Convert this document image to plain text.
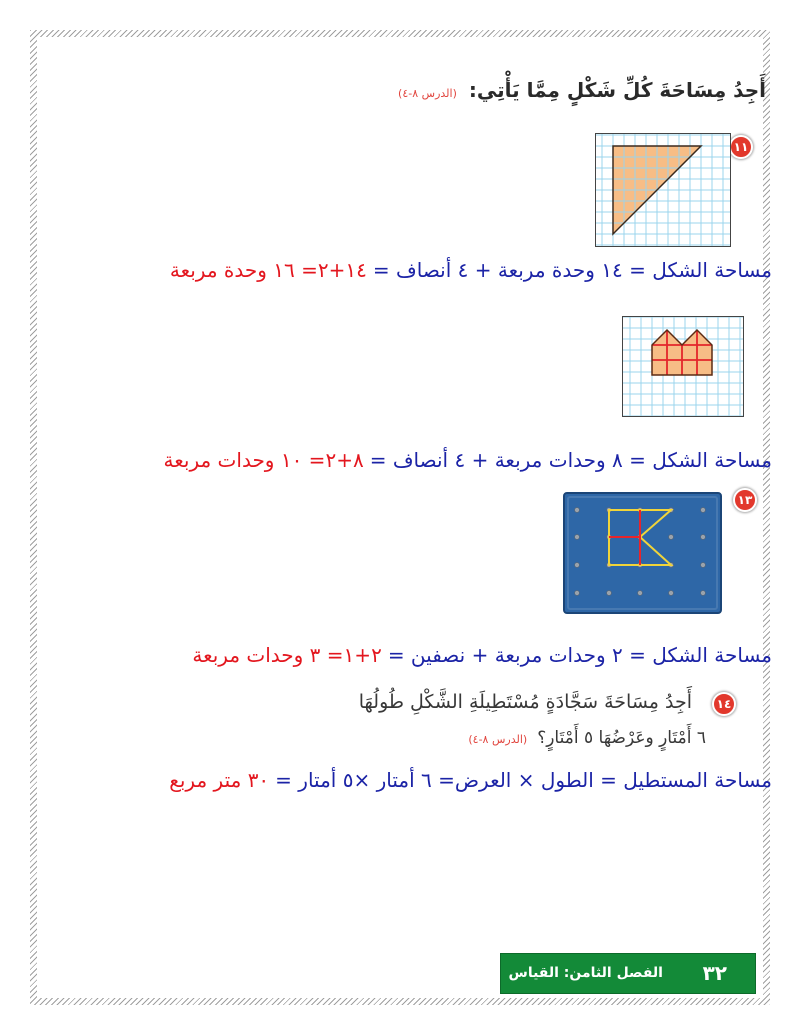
أَجِدُ مِسَاحَةَ كُلِّ شَكْلٍ مِمَّا يَأْتِي:
(الدرس ٨-٤)
١١
مساحة الشكل = ١٤ وحدة مربعة + ٤ أنصاف =
١٤+٢= ١٦ وحدة مربعة
مساحة الشكل = ٨ وحدات مربعة + ٤ أنصاف =
٨+٢= ١٠ وحدات مربعة
١٣
مساحة الشكل = ٢ وحدات مربعة + نصفين =
٢+١= ٣ وحدات مربعة
١٤
أَجِدُ مِسَاحَةَ سَجَّادَةٍ مُسْتَطِيلَةِ الشَّكْلِ طُولُهَا
٦ أَمْتَارٍ وعَرْضُهَا ٥ أَمْتَارٍ؟
(الدرس ٨-٤)
مساحة المستطيل = الطول × العرض= ٦ أمتار ×٥ أمتار =
٣٠ متر مربع
٣٢
الفصل الثامن: القياس
